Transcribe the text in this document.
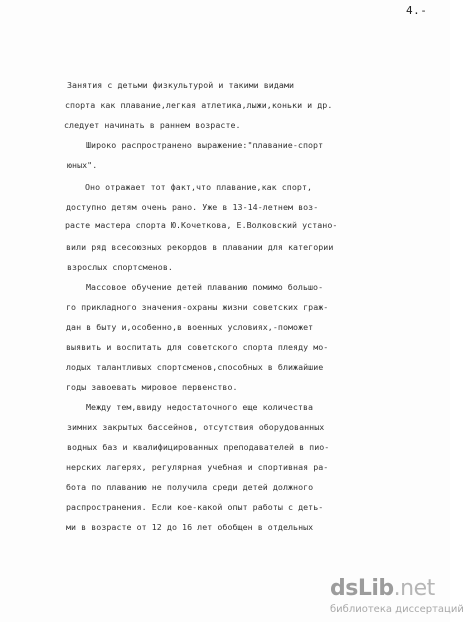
4.-
Занятия с детьми физкультурой и такими видами
спорта как плавание,легкая атлетика,лыжи,коньки и др.
следует начинать в раннем возрасте.
Широко распространено выражение:"плавание-спорт
юных".
Оно отражает тот факт,что плавание,как спорт,
доступно детям очень рано. Уже в 13-14-летнем воз-
расте мастера спорта Ю.Кочеткова, Е.Волковский устано-
вили ряд всесоюзных рекордов в плавании для категории
взрослых спортсменов.
Массовое обучение детей плаванию помимо большо-
го прикладного значения-охраны жизни советских граж-
дан в быту и,особенно,в военных условиях,-поможет
выявить и воспитать для советского спорта плеяду мо-
лодых талантливых спортсменов,способных в ближайшие
годы завоевать мировое первенство.
Между тем,ввиду недостаточного еще количества
зимних закрытых бассейнов, отсутствия оборудованных
водных баз и квалифицированных преподавателей в пио-
нерских лагерях, регулярная учебная и спортивная ра-
бота по плаванию не получила среди детей должного
распространения. Если кое-какой опыт работы с деть-
ми в возрасте от 12 до 16 лет обобщен в отдельных
dsLib.net
библиотека диссертаций
